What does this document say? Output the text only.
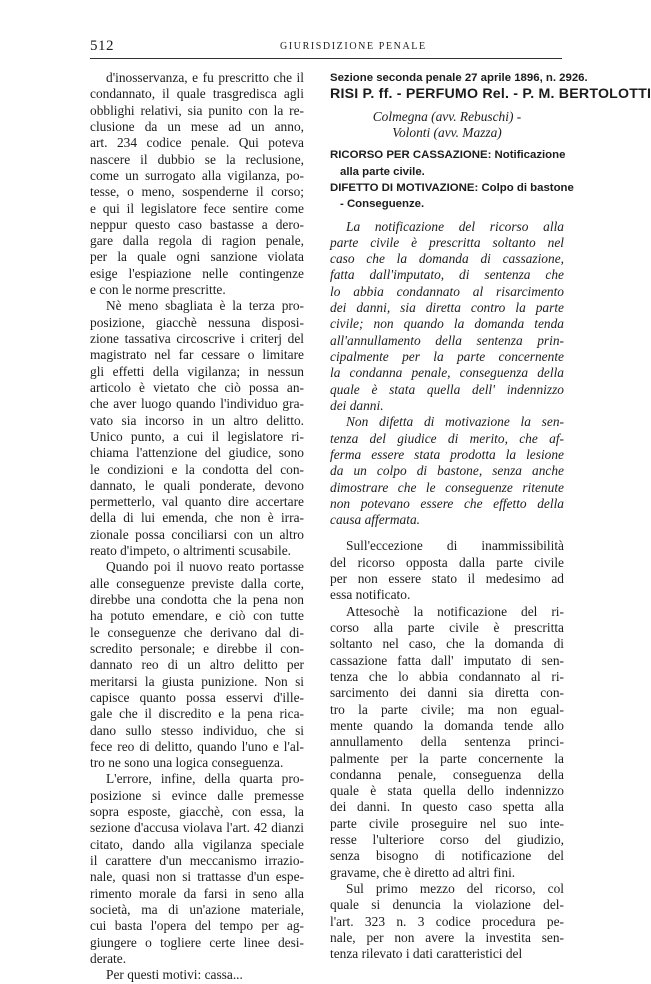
512	GIURISDIZIONE PENALE
d'inosservanza, e fu prescritto che il
condannato, il quale trasgredisca agli
obblighi relativi, sia punito con la re-
clusione da un mese ad un anno,
art. 234 codice penale. Qui poteva
nascere il dubbio se la reclusione,
come un surrogato alla vigilanza, po-
tesse, o meno, sospenderne il corso;
e qui il legislatore fece sentire come
neppur questo caso bastasse a dero-
gare dalla regola di ragion penale,
per la quale ogni sanzione violata
esige l'espiazione nelle contingenze
e con le norme prescritte.
Nè meno sbagliata è la terza pro-
posizione, giacchè nessuna disposi-
zione tassativa circoscrive i criterj del
magistrato nel far cessare o limitare
gli effetti della vigilanza; in nessun
articolo è vietato che ciò possa an-
che aver luogo quando l'individuo gra-
vato sia incorso in un altro delitto.
Unico punto, a cui il legislatore ri-
chiama l'attenzione del giudice, sono
le condizioni e la condotta del con-
dannato, le quali ponderate, devono
permetterlo, val quanto dire accertare
della di lui emenda, che non è irra-
zionale possa conciliarsi con un altro
reato d'impeto, o altrimenti scusabile.
Quando poi il nuovo reato portasse
alle conseguenze previste dalla corte,
direbbe una condotta che la pena non
ha potuto emendare, e ciò con tutte
le conseguenze che derivano dal di-
scredito personale; e direbbe il con-
dannato reo di un altro delitto per
meritarsi la giusta punizione. Non si
capisce quanto possa esservi d'ille-
gale che il discredito e la pena rica-
dano sullo stesso individuo, che si
fece reo di delitto, quando l'uno e l'al-
tro ne sono una logica conseguenza.
L'errore, infine, della quarta pro-
posizione si evince dalle premesse
sopra esposte, giacchè, con essa, la
sezione d'accusa violava l'art. 42 dianzi
citato, dando alla vigilanza speciale
il carattere d'un meccanismo irrazio-
nale, quasi non si trattasse d'un espe-
rimento morale da farsi in seno alla
società, ma di un'azione materiale,
cui basta l'opera del tempo per ag-
giungere o togliere certe linee desi-
derate.
Per questi motivi: cassa...
Sezione seconda penale 27 aprile 1896, n. 2926.
RISI P. ff. - PERFUMO Rel. - P. M. BERTOLOTTI
Colmegna (avv. Rebuschi) -
Volonti (avv. Mazza)
RICORSO PER CASSAZIONE: Notificazione
alla parte civile.
DIFETTO DI MOTIVAZIONE: Colpo di bastone
- Conseguenze.
La notificazione del ricorso alla
parte civile è prescritta soltanto nel
caso che la domanda di cassazione,
fatta dall'imputato, di sentenza che
lo abbia condannato al risarcimento
dei danni, sia diretta contro la parte
civile; non quando la domanda tenda
all'annullamento della sentenza prin-
cipalmente per la parte concernente
la condanna penale, conseguenza della
quale è stata quella dell' indennizzo
dei danni.
Non difetta di motivazione la sen-
tenza del giudice di merito, che af-
ferma essere stata prodotta la lesione
da un colpo di bastone, senza anche
dimostrare che le conseguenze ritenute
non potevano essere che effetto della
causa affermata.
Sull'eccezione di inammissibilità
del ricorso opposta dalla parte civile
per non essere stato il medesimo ad
essa notificato.
Attesochè la notificazione del ri-
corso alla parte civile è prescritta
soltanto nel caso, che la domanda di
cassazione fatta dall' imputato di sen-
tenza che lo abbia condannato al ri-
sarcimento dei danni sia diretta con-
tro la parte civile; ma non egual-
mente quando la domanda tende allo
annullamento della sentenza princi-
palmente per la parte concernente la
condanna penale, conseguenza della
quale è stata quella dello indennizzo
dei danni. In questo caso spetta alla
parte civile proseguire nel suo inte-
resse l'ulteriore corso del giudizio,
senza bisogno di notificazione del
gravame, che è diretto ad altri fini.
Sul primo mezzo del ricorso, col
quale si denuncia la violazione del-
l'art. 323 n. 3 codice procedura pe-
nale, per non avere la investita sen-
tenza rilevato i dati caratteristici del
